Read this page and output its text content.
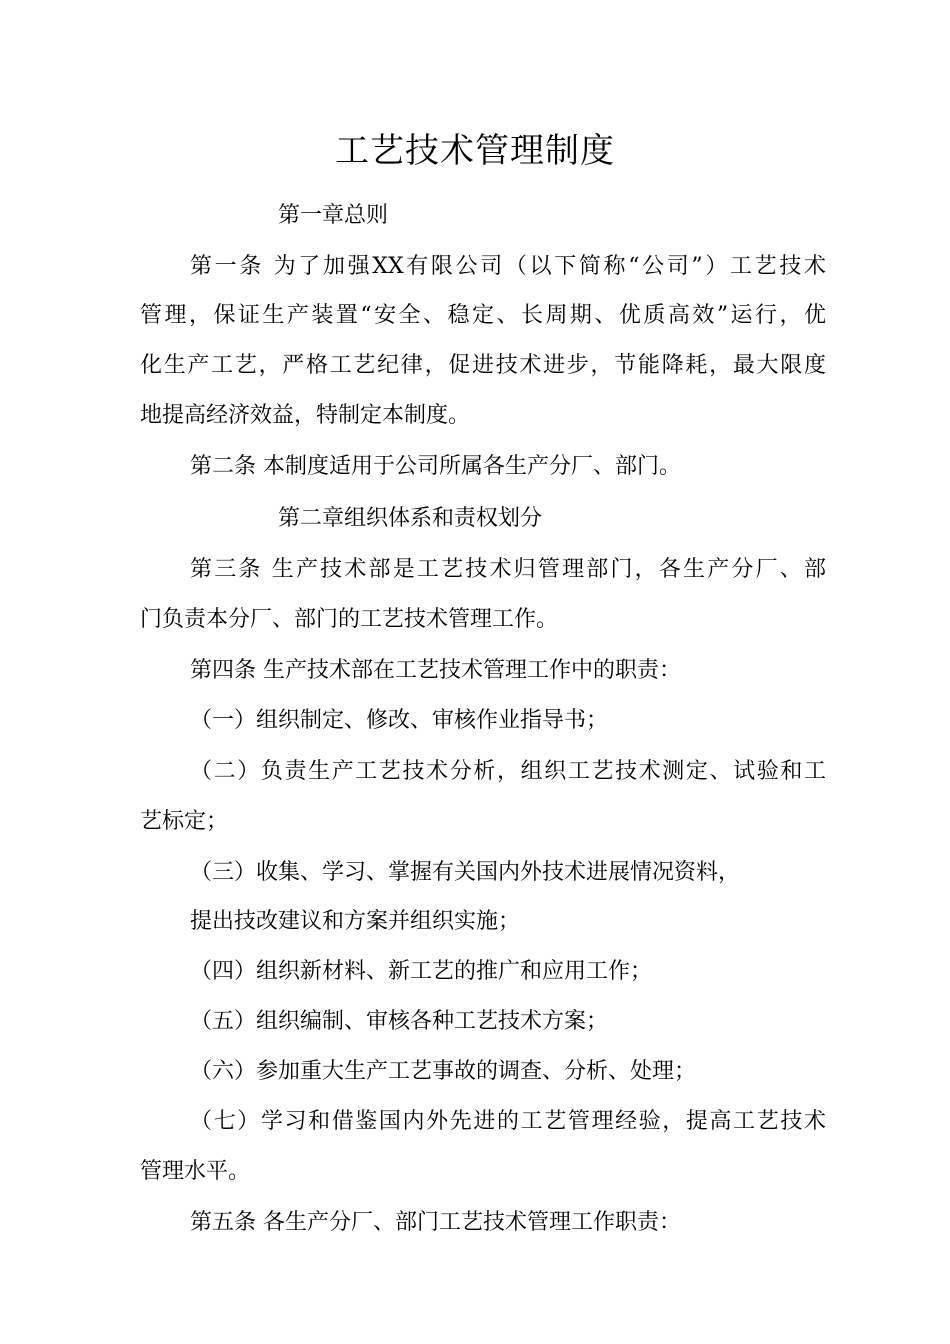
工艺技术管理制度
第一章总则
第一条 为了加强XX有限公司（以下简称“公司”）工艺技术
管理，保证生产装置“安全、稳定、长周期、优质高效”运行，优
化生产工艺，严格工艺纪律，促进技术进步，节能降耗，最大限度
地提高经济效益，特制定本制度。
第二条 本制度适用于公司所属各生产分厂、部门。
第二章组织体系和责权划分
第三条 生产技术部是工艺技术归管理部门，各生产分厂、部
门负责本分厂、部门的工艺技术管理工作。
第四条 生产技术部在工艺技术管理工作中的职责：
（一）组织制定、修改、审核作业指导书；
（二）负责生产工艺技术分析，组织工艺技术测定、试验和工
艺标定；
（三）收集、学习、掌握有关国内外技术进展情况资料，
提出技改建议和方案并组织实施；
（四）组织新材料、新工艺的推广和应用工作；
（五）组织编制、审核各种工艺技术方案；
（六）参加重大生产工艺事故的调查、分析、处理；
（七）学习和借鉴国内外先进的工艺管理经验，提高工艺技术
管理水平。
第五条 各生产分厂、部门工艺技术管理工作职责：
